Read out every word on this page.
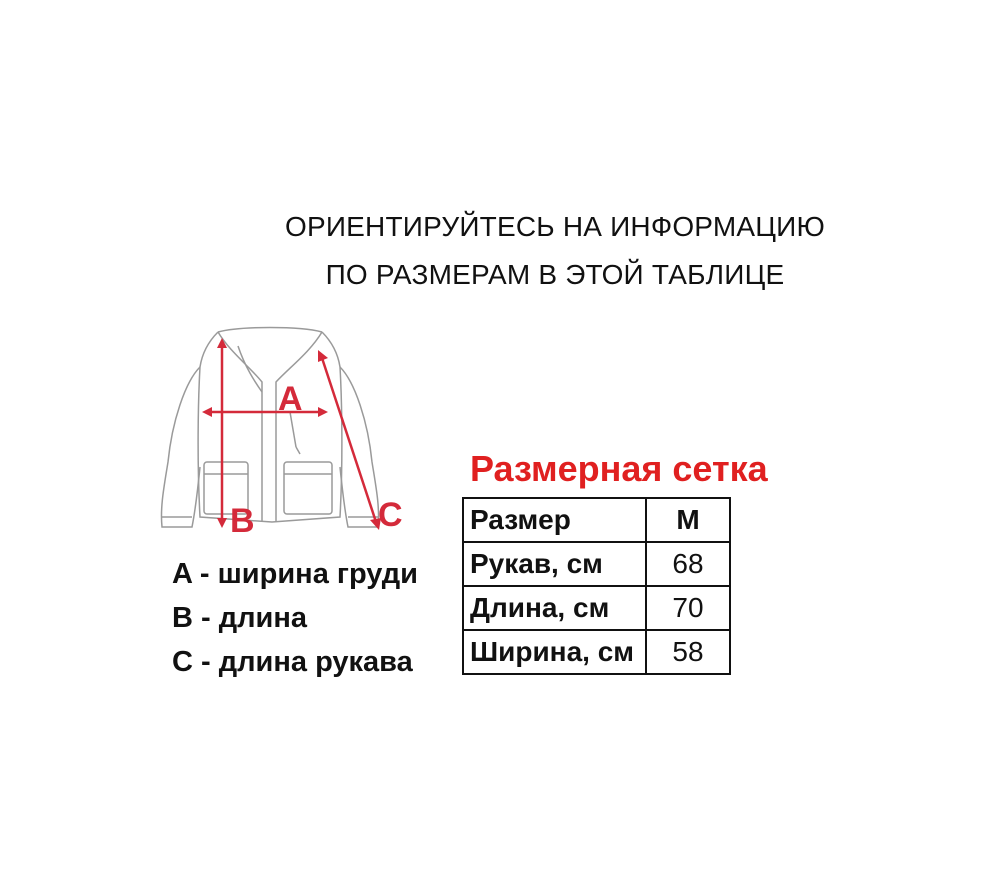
ОРИЕНТИРУЙТЕСЬ НА ИНФОРМАЦИЮ
ПО РАЗМЕРАМ В ЭТОЙ ТАБЛИЦЕ
A
B	C
A - ширина груди
B - длина
C - длина рукава
Размерная сетка
Размер	M
Рукав, см	68
Длина, см	70
Ширина, см	58
